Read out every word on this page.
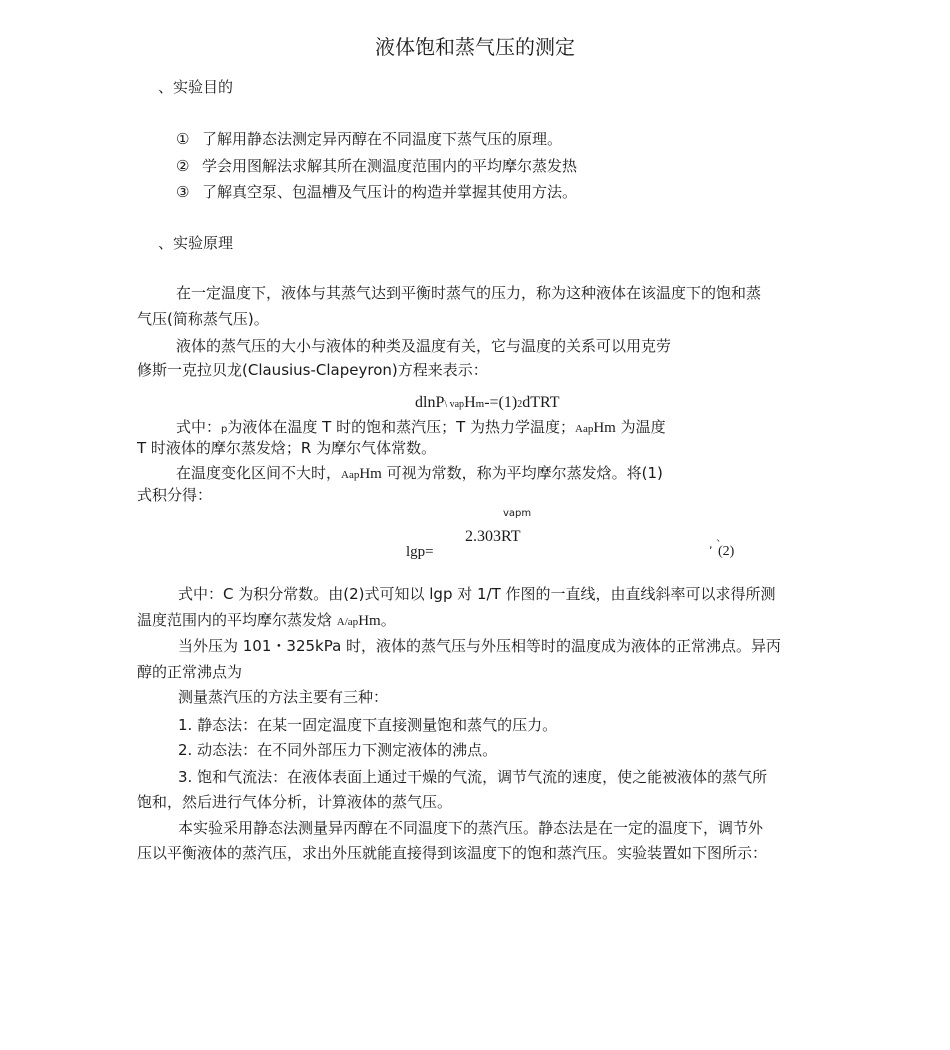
液体饱和蒸气压的测定
、实验目的
① 了解用静态法测定异丙醇在不同温度下蒸气压的原理。
② 学会用图解法求解其所在测温度范围内的平均摩尔蒸发热
③ 了解真空泵、包温槽及气压计的构造并掌握其使用方法。
、实验原理
在一定温度下，液体与其蒸气达到平衡时蒸气的压力，称为这种液体在该温度下的饱和蒸
气压(简称蒸气压)。
液体的蒸气压的大小与液体的种类及温度有关，它与温度的关系可以用克劳
修斯一克拉贝龙(Clausius-Clapeyron)方程来表示：
dlnP\ vapHm-=(1)2dTRT
式中：p为液体在温度 T 时的饱和蒸汽压；T 为热力学温度；AapHm 为温度
T 时液体的摩尔蒸发焓；R 为摩尔气体常数。
在温度变化区间不大时，AapHm 可视为常数，称为平均摩尔蒸发焓。将(1)
式积分得：
vapm
2.303RT
lgp=	, `
(2)
式中：C 为积分常数。由(2)式可知以 lgp 对 1/T 作图的一直线，由直线斜率可以求得所测
温度范围内的平均摩尔蒸发焓 A/apHm。
当外压为 101・325kPa 时，液体的蒸气压与外压相等时的温度成为液体的正常沸点。异丙
醇的正常沸点为
测量蒸汽压的方法主要有三种：
1. 静态法：在某一固定温度下直接测量饱和蒸气的压力。
2. 动态法：在不同外部压力下测定液体的沸点。
3. 饱和气流法：在液体表面上通过干燥的气流，调节气流的速度，使之能被液体的蒸气所
饱和，然后进行气体分析，计算液体的蒸气压。
本实验采用静态法测量异丙醇在不同温度下的蒸汽压。静态法是在一定的温度下，调节外
压以平衡液体的蒸汽压，求出外压就能直接得到该温度下的饱和蒸汽压。实验装置如下图所示：
